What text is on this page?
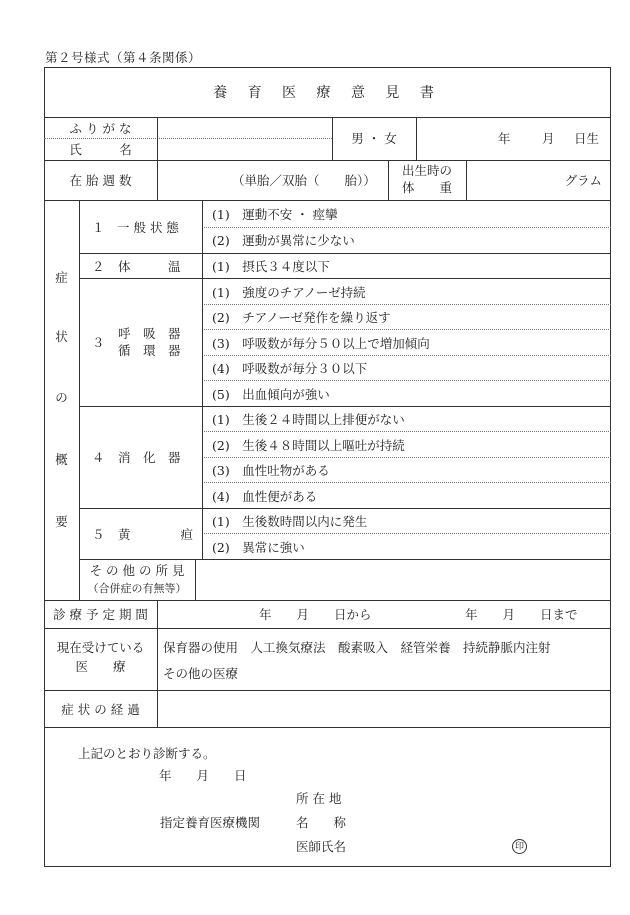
第２号様式（第４条関係）
養 育 医 療 意 見 書
ふ り が な
氏　　　名
男 ・ 女	年	月 日生
在 胎 週 数	（単胎／双胎（　　胎））
出生時の
体　　重	グラム
症
状
の
概
要
１　一 般 状 態
(1)　運動不安 ・ 痙攣
(2)　運動が異常に少ない
２ 体　　　温	(1)　摂氏３４度以下
３
呼　吸　器
循　環　器
(1)　強度のチアノーゼ持続
(2)　チアノーゼ発作を繰り返す
(3)　呼吸数が毎分５０以上で増加傾向
(4)　呼吸数が毎分３０以下
(5)　出血傾向が強い
４ 消　化　器
(1)　生後２４時間以上排便がない
(2)　生後４８時間以上嘔吐が持続
(3)　血性吐物がある
(4)　血性便がある
５ 黄　　　　疸
(1)　生後数時間以内に発生
(2)　異常に強い
そ の 他 の 所 見
（合併症の有無等）
診 療 予 定 期 間	年　　月　　日から	年　　月　　日まで
現在受けている
医　　療
保育器の使用　人工換気療法　酸素吸入　経管栄養　持続静脈内注射
その他の医療
症 状 の 経 過
上記のとおり診断する。
年　　月　　日
所 在 地
指定養育医療機関	名　　称
医師氏名	印
